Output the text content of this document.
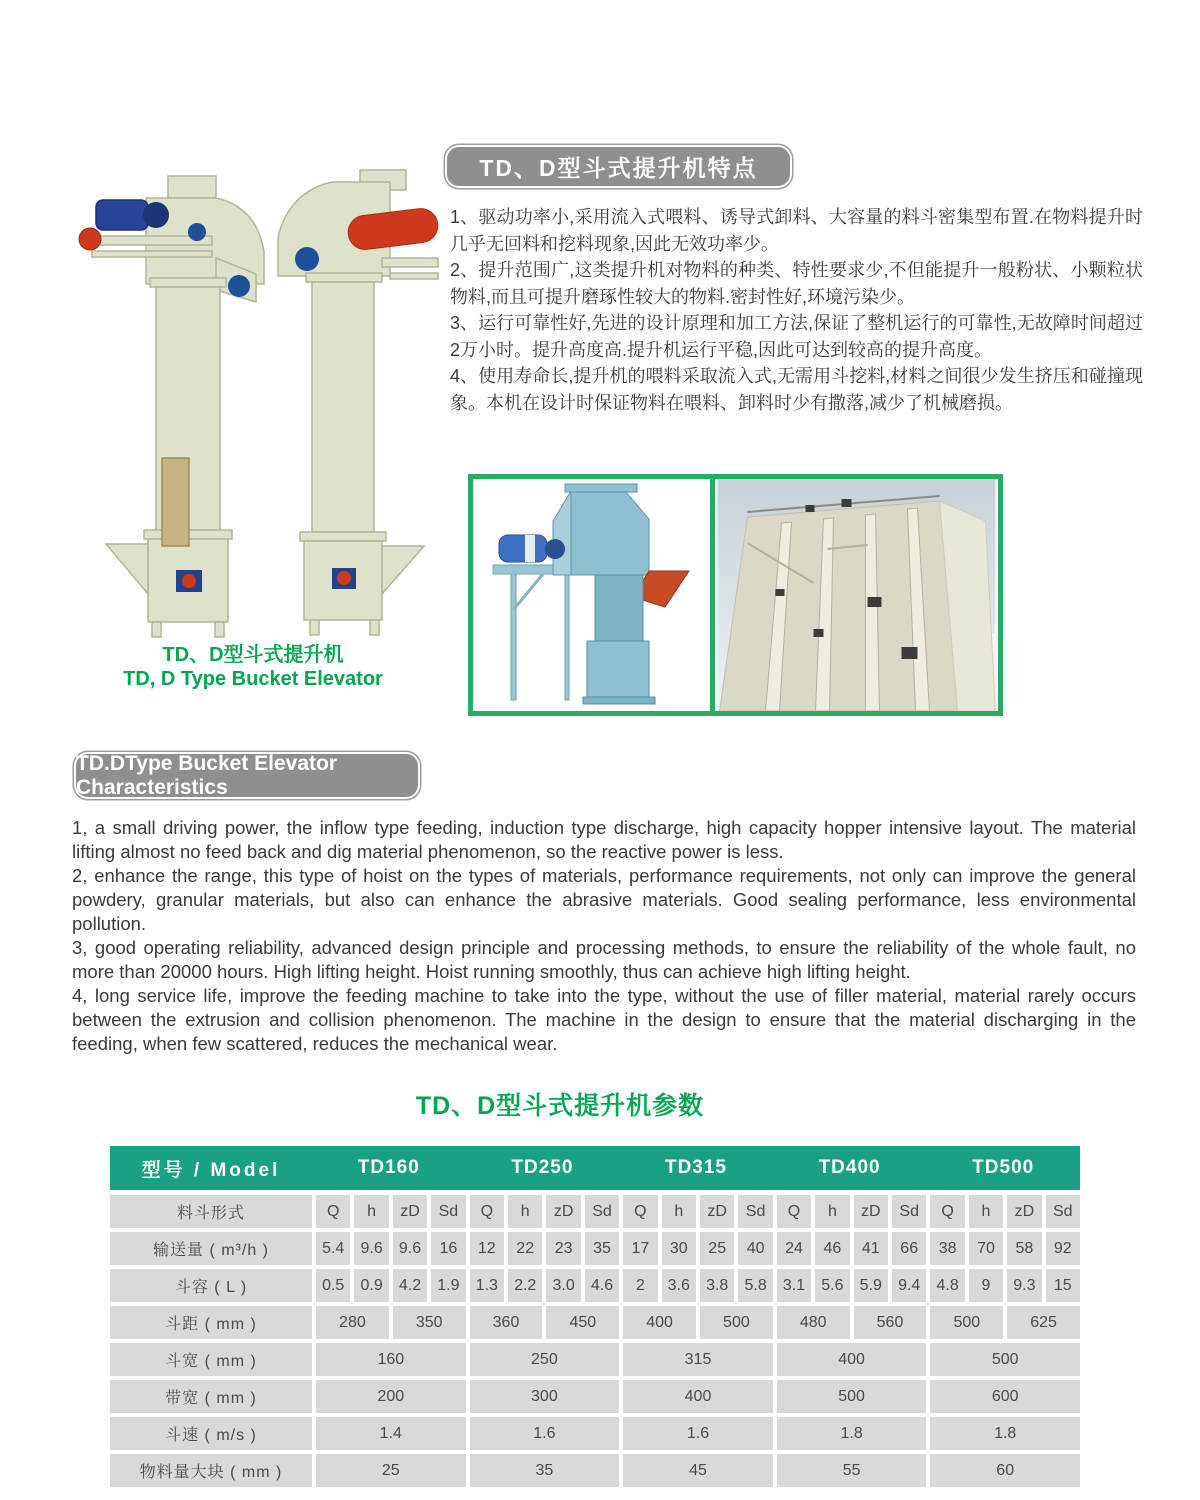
TD、D型斗式提升机
TD, D Type Bucket Elevator
TD、D型斗式提升机特点

1、驱动功率小,采用流入式喂料、诱导式卸料、大容量的料斗密集型布置.在物料提升时几乎无回料和挖料现象,因此无效功率少。

2、提升范围广,这类提升机对物料的种类、特性要求少,不但能提升一般粉状、小颗粒状物料,而且可提升磨琢性较大的物料.密封性好,环境污染少。

3、运行可靠性好,先进的设计原理和加工方法,保证了整机运行的可靠性,无故障时间超过2万小时。提升高度高.提升机运行平稳,因此可达到较高的提升高度。

4、使用寿命长,提升机的喂料采取流入式,无需用斗挖料,材料之间很少发生挤压和碰撞现象。本机在设计时保证物料在喂料、卸料时少有撒落,减少了机械磨损。

TD.DType Bucket Elevator Characteristics

1, a small driving power, the inflow type feeding, induction type discharge, high capacity hopper intensive layout. The material lifting almost no feed back and dig material phenomenon, so the reactive power is less.

2, enhance the range, this type of hoist on the types of materials, performance requirements, not only can improve the general powdery, granular materials, but also can enhance the abrasive materials. Good sealing performance, less environmental pollution.

3, good operating reliability, advanced design principle and processing methods, to ensure the reliability of the whole fault, no more than 20000 hours. High lifting height. Hoist running smoothly, thus can achieve high lifting height.

4, long service life, improve the feeding machine to take into the type, without the use of filler material, material rarely occurs between the extrusion and collision phenomenon. The machine in the design to ensure that the material discharging in the feeding, when few scattered, reduces the mechanical wear.

TD、D型斗式提升机参数
型号 / Model	TD160	TD250	TD315	TD400	TD500
料斗形式	Q	h	zD	Sd	Q	h	zD	Sd	Q	h	zD	Sd	Q	h	zD	Sd	Q	h	zD	Sd
输送量 ( m³/h )	5.4	9.6	9.6	16	12	22	23	35	17	30	25	40	24	46	41	66	38	70	58	92
斗容 ( L )	0.5	0.9	4.2	1.9	1.3	2.2	3.0	4.6	2	3.6	3.8	5.8	3.1	5.6	5.9	9.4	4.8	9	9.3	15
斗距 ( mm )	280	350	360	450	400	500	480	560	500	625
斗宽 ( mm )	160	250	315	400	500
带宽 ( mm )	200	300	400	500	600
斗速 ( m/s )	1.4	1.6	1.6	1.8	1.8
物料量大块 ( mm )	25	35	45	55	60
